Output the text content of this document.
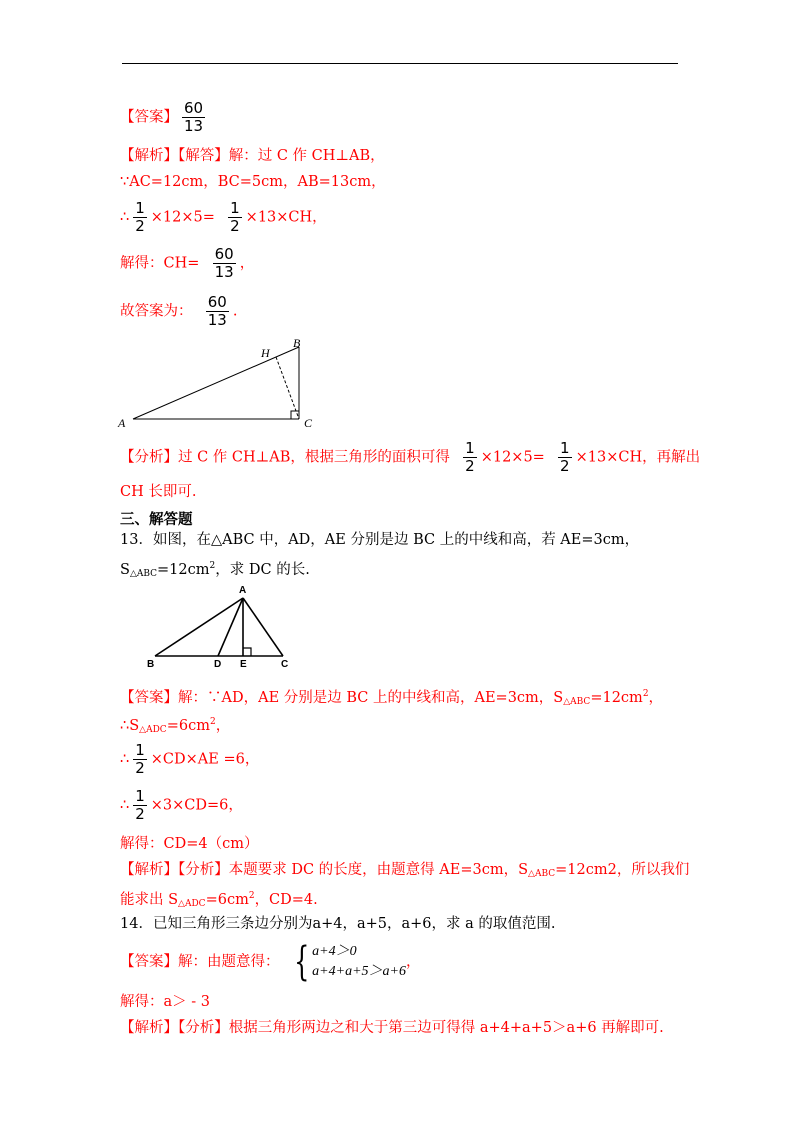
【答案】 $\frac{60}{13}$
【解析】【解答】解：过 C 作 CH⊥AB，
∵AC=12cm，BC=5cm，AB=13cm，
∴ $\frac{1}{2} \times 12\times 5= \frac{1}{2} \times 13\times CH$，
解得：$CH= \frac{60}{13}$ ，
故答案为： $\frac{60}{13}$ .
A
B
C
H
【分析】过 C 作 CH⊥AB，根据三角形的面积可得 $\frac{1}{2} \times 12\times 5= \frac{1}{2} \times 13\times CH$，再解出
CH 长即可.
三、解答题
13．如图，在△ABC 中，AD，AE 分别是边 BC 上的中线和高，若 AE=3cm，
$S_{\triangle ABC}=12cm^2$，求 DC 的长.
A
B	D E	C
【答案】解：∵AD，AE 分别是边 BC 上的中线和高，AE=3cm，$S_{\triangle ABC}=12cm^2$，
$\therefore S_{\triangle ADC}=6cm^2$，
∴ $\frac{1}{2} \times CD\times AE =6$，
∴ $\frac{1}{2} \times 3\times CD=6$，
解得：CD=4（cm）
【解析】【分析】本题要求 DC 的长度，由题意得 AE=3cm，$S_{\triangle ABC}=12cm2$，所以我们
能求出 $S_{\triangle ADC}=6cm^2$，CD=4.
14．已知三角形三条边分别为a+4，a+5，a+6，求 a 的取值范围.
【答案】解：由题意得： { a+4＞0
a+4+a+5＞a+6
，
解得：a＞ - 3
【解析】【分析】根据三角形两边之和大于第三边可得得 a+4+a+5＞a+6 再解即可.
